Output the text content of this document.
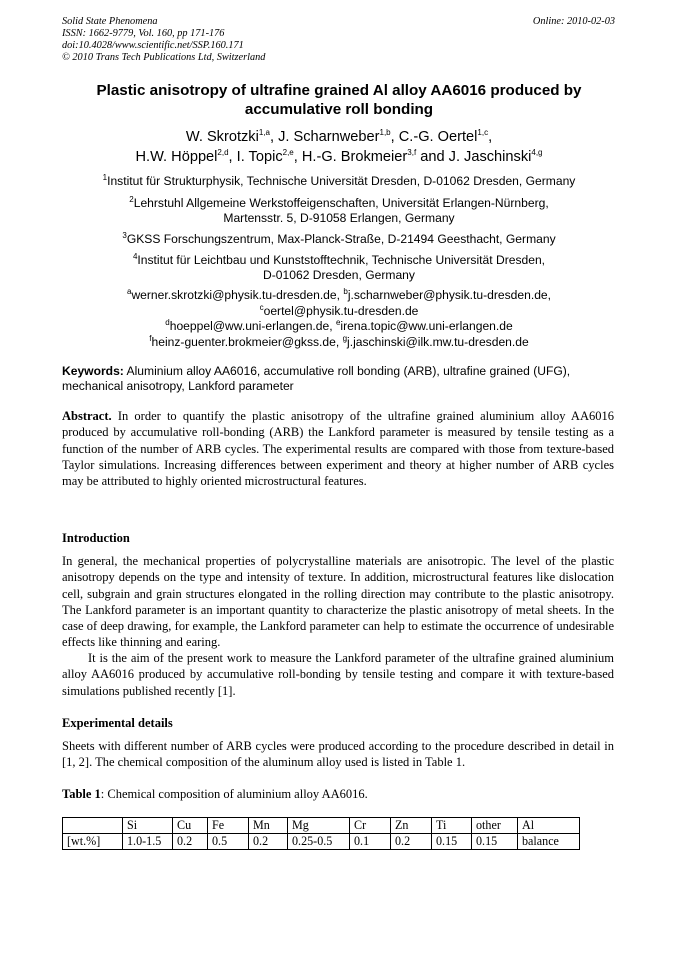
Solid State Phenomena
ISSN: 1662-9779, Vol. 160, pp 171-176
doi:10.4028/www.scientific.net/SSP.160.171
© 2010 Trans Tech Publications Ltd, Switzerland
Online: 2010-02-03
Plastic anisotropy of ultrafine grained Al alloy AA6016 produced by accumulative roll bonding
W. Skrotzki$^{1,a}$, J. Scharnweber$^{1,b}$, C.-G. Oertel$^{1,c}$,
H.W. Höppel$^{2,d}$, I. Topic$^{2,e}$, H.-G. Brokmeier$^{3,f}$ and J. Jaschinski$^{4,g}$
$^1$Institut für Strukturphysik, Technische Universität Dresden, D-01062 Dresden, Germany
$^2$Lehrstuhl Allgemeine Werkstoffeigenschaften, Universität Erlangen-Nürnberg,
Martensstr. 5, D-91058 Erlangen, Germany
$^3$GKSS Forschungszentrum, Max-Planck-Straße, D-21494 Geesthacht, Germany
$^4$Institut für Leichtbau und Kunststofftechnik, Technische Universität Dresden,
D-01062 Dresden, Germany
$^a$werner.skrotzki@physik.tu-dresden.de, $^b$j.scharnweber@physik.tu-dresden.de,
$^c$oertel@physik.tu-dresden.de
$^d$hoeppel@ww.uni-erlangen.de, $^e$irena.topic@ww.uni-erlangen.de
$^f$heinz-guenter.brokmeier@gkss.de, $^g$j.jaschinski@ilk.mw.tu-dresden.de
Keywords: Aluminium alloy AA6016, accumulative roll bonding (ARB), ultrafine grained (UFG), mechanical anisotropy, Lankford parameter
Abstract. In order to quantify the plastic anisotropy of the ultrafine grained aluminium alloy AA6016 produced by accumulative roll-bonding (ARB) the Lankford parameter is measured by tensile testing as a function of the number of ARB cycles. The experimental results are compared with those from texture-based Taylor simulations. Increasing differences between experiment and theory at higher number of ARB cycles may be attributed to highly oriented microstructural features.
Introduction
In general, the mechanical properties of polycrystalline materials are anisotropic. The level of the plastic anisotropy depends on the type and intensity of texture. In addition, microstructural features like dislocation cell, subgrain and grain structures elongated in the rolling direction may contribute to the plastic anisotropy. The Lankford parameter is an important quantity to characterize the plastic anisotropy of metal sheets. In the case of deep drawing, for example, the Lankford parameter can help to estimate the occurrence of undesirable effects like thinning and earing.
It is the aim of the present work to measure the Lankford parameter of the ultrafine grained aluminium alloy AA6016 produced by accumulative roll-bonding by tensile testing and compare it with texture-based simulations published recently [1].
Experimental details
Sheets with different number of ARB cycles were produced according to the procedure described in detail in [1, 2]. The chemical composition of the aluminum alloy used is listed in Table 1.
Table 1: Chemical composition of aluminium alloy AA6016.
	Si	Cu	Fe	Mn	Mg	Cr	Zn	Ti	other	Al
[wt.%]	1.0-1.5	0.2	0.5	0.2	0.25-0.5	0.1	0.2	0.15	0.15	balance
